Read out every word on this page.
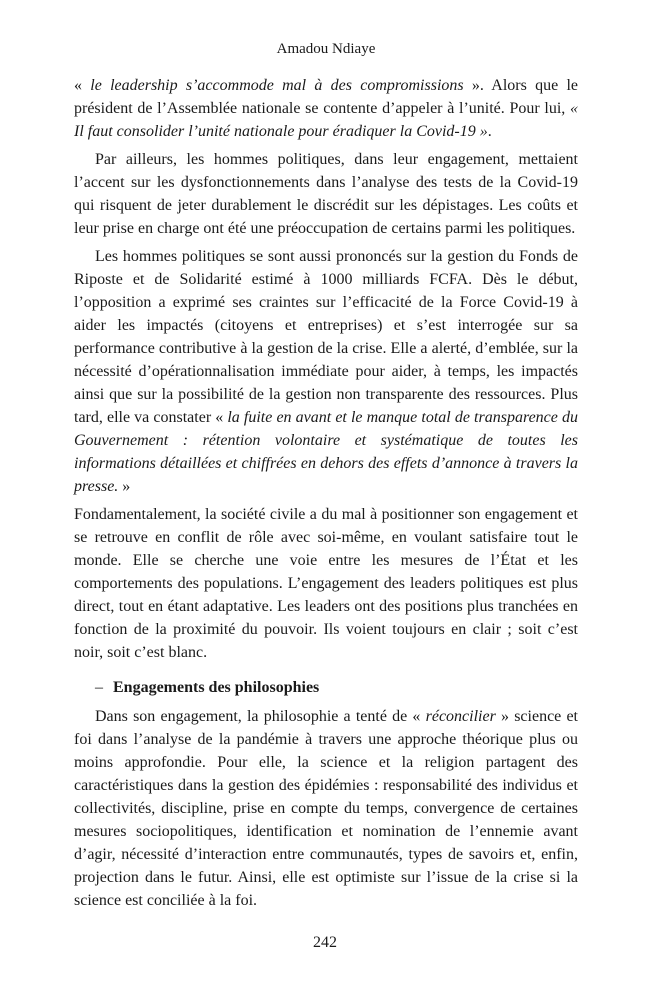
Amadou Ndiaye

« le leadership s’accommode mal à des compromissions ». Alors que le président de l’Assemblée nationale se contente d’appeler à l’unité. Pour lui, « Il faut consolider l’unité nationale pour éradiquer la Covid-19 ».

Par ailleurs, les hommes politiques, dans leur engagement, mettaient l’accent sur les dysfonctionnements dans l’analyse des tests de la Covid-19 qui risquent de jeter durablement le discrédit sur les dépistages. Les coûts et leur prise en charge ont été une préoccupation de certains parmi les politiques.

Les hommes politiques se sont aussi prononcés sur la gestion du Fonds de Riposte et de Solidarité estimé à 1000 milliards FCFA. Dès le début, l’opposition a exprimé ses craintes sur l’efficacité de la Force Covid-19 à aider les impactés (citoyens et entreprises) et s’est interrogée sur sa performance contributive à la gestion de la crise. Elle a alerté, d’emblée, sur la nécessité d’opérationnalisation immédiate pour aider, à temps, les impactés ainsi que sur la possibilité de la gestion non transparente des ressources. Plus tard, elle va constater « la fuite en avant et le manque total de transparence du Gouvernement : rétention volontaire et systématique de toutes les informations détaillées et chiffrées en dehors des effets d’annonce à travers la presse. »

Fondamentalement, la société civile a du mal à positionner son engagement et se retrouve en conflit de rôle avec soi-même, en voulant satisfaire tout le monde. Elle se cherche une voie entre les mesures de l’État et les comportements des populations. L’engagement des leaders politiques est plus direct, tout en étant adaptative. Les leaders ont des positions plus tranchées en fonction de la proximité du pouvoir. Ils voient toujours en clair ; soit c’est noir, soit c’est blanc.

– Engagements des philosophies

Dans son engagement, la philosophie a tenté de « réconcilier » science et foi dans l’analyse de la pandémie à travers une approche théorique plus ou moins approfondie. Pour elle, la science et la religion partagent des caractéristiques dans la gestion des épidémies : responsabilité des individus et collectivités, discipline, prise en compte du temps, convergence de certaines mesures sociopolitiques, identification et nomination de l’ennemie avant d’agir, nécessité d’interaction entre communautés, types de savoirs et, enfin, projection dans le futur. Ainsi, elle est optimiste sur l’issue de la crise si la science est conciliée à la foi.

242
